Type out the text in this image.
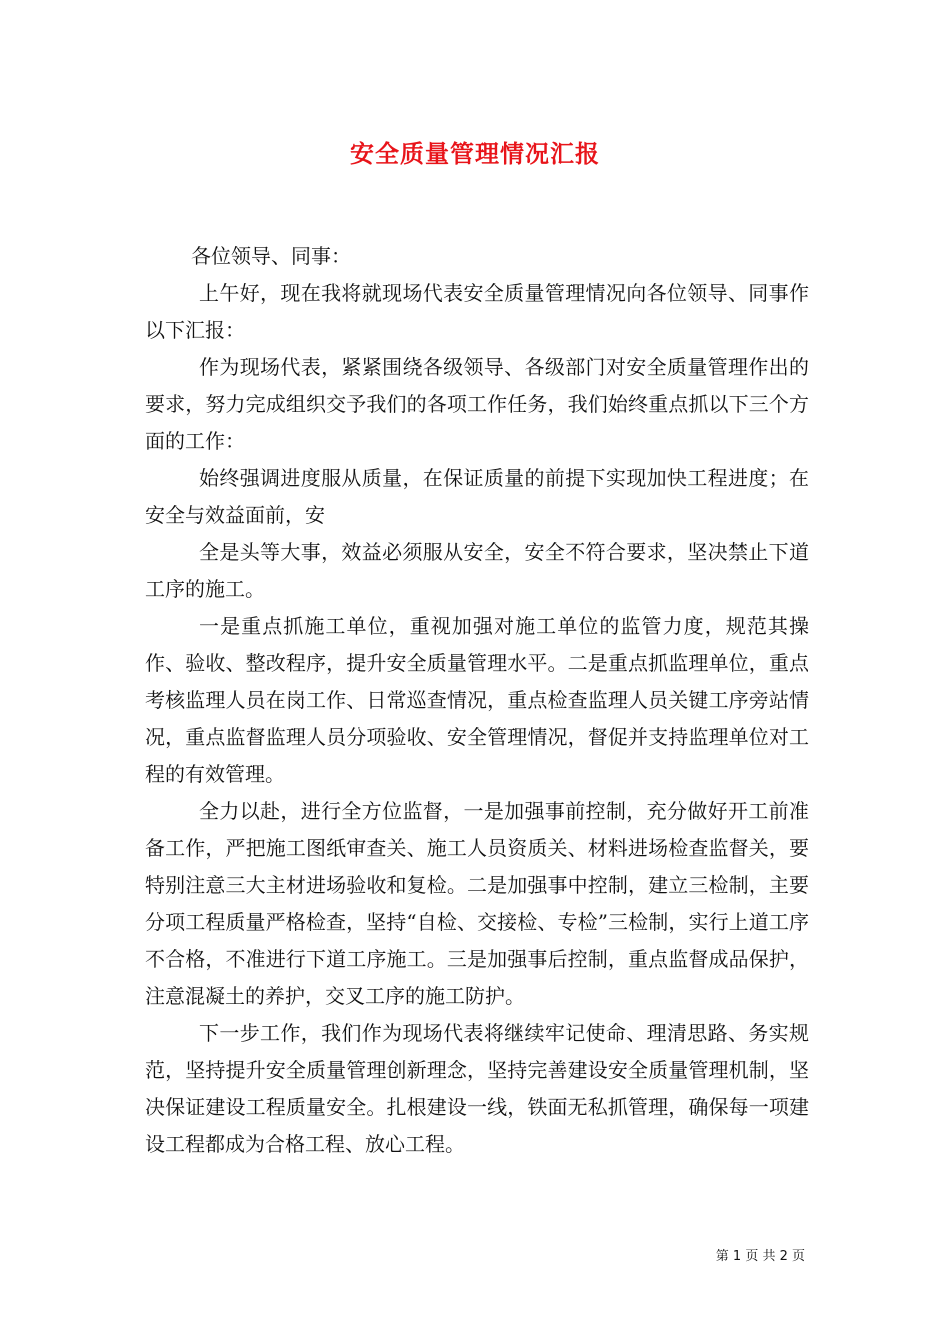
安全质量管理情况汇报

各位领导、同事：

上午好，现在我将就现场代表安全质量管理情况向各位领导、同事作以下汇报：

作为现场代表，紧紧围绕各级领导、各级部门对安全质量管理作出的要求，努力完成组织交予我们的各项工作任务，我们始终重点抓以下三个方面的工作：

始终强调进度服从质量，在保证质量的前提下实现加快工程进度；在安全与效益面前，安

全是头等大事，效益必须服从安全，安全不符合要求，坚决禁止下道工序的施工。

一是重点抓施工单位，重视加强对施工单位的监管力度，规范其操作、验收、整改程序，提升安全质量管理水平。二是重点抓监理单位，重点考核监理人员在岗工作、日常巡查情况，重点检查监理人员关键工序旁站情况，重点监督监理人员分项验收、安全管理情况，督促并支持监理单位对工程的有效管理。

全力以赴，进行全方位监督，一是加强事前控制，充分做好开工前准备工作，严把施工图纸审查关、施工人员资质关、材料进场检查监督关，要特别注意三大主材进场验收和复检。二是加强事中控制，建立三检制，主要分项工程质量严格检查，坚持“自检、交接检、专检”三检制，实行上道工序不合格，不准进行下道工序施工。三是加强事后控制，重点监督成品保护，注意混凝土的养护，交叉工序的施工防护。

下一步工作，我们作为现场代表将继续牢记使命、理清思路、务实规范，坚持提升安全质量管理创新理念，坚持完善建设安全质量管理机制，坚决保证建设工程质量安全。扎根建设一线，铁面无私抓管理，确保每一项建设工程都成为合格工程、放心工程。

第 1 页 共 2 页
